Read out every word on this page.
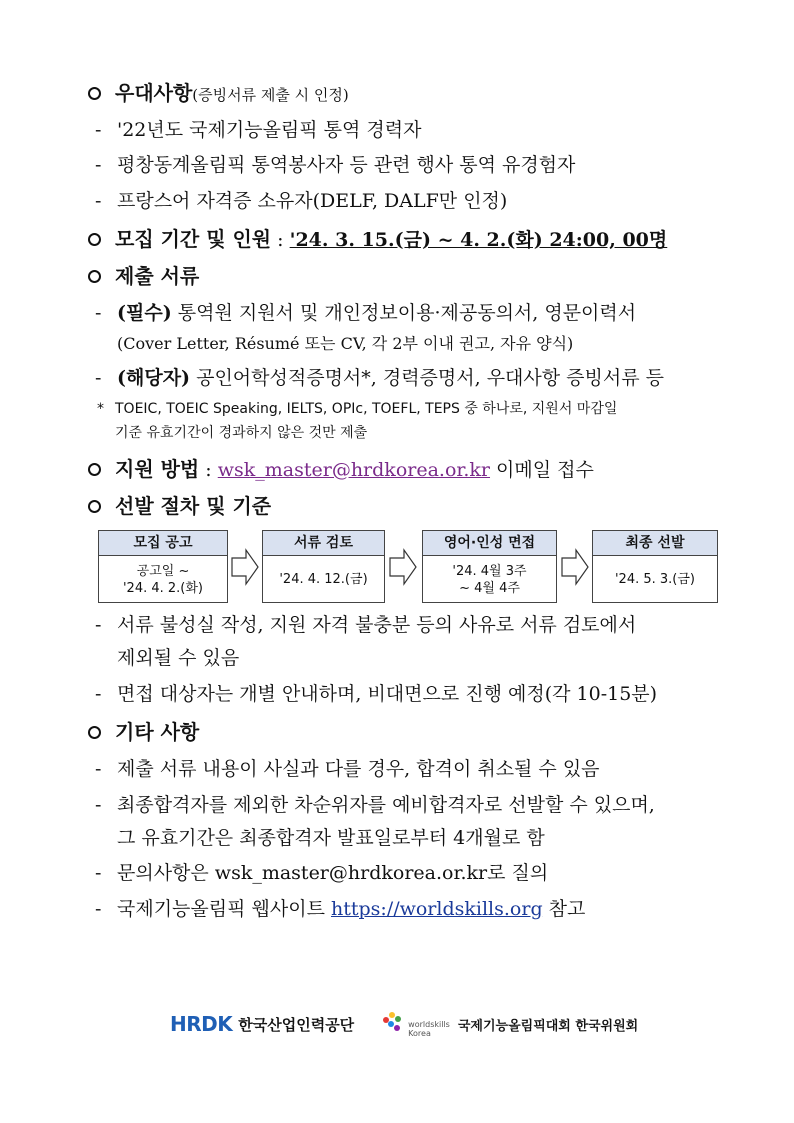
우대사항(증빙서류 제출 시 인정)
- '22년도 국제기능올림픽 통역 경력자
- 평창동계올림픽 통역봉사자 등 관련 행사 통역 유경험자
- 프랑스어 자격증 소유자(DELF, DALF만 인정)
모집 기간 및 인원 : '24. 3. 15.(금) ~ 4. 2.(화) 24:00, 00명
제출 서류
- (필수) 통역원 지원서 및 개인정보이용·제공동의서, 영문이력서
(Cover Letter, Résumé 또는 CV, 각 2부 이내 권고, 자유 양식)
- (해당자) 공인어학성적증명서*, 경력증명서, 우대사항 증빙서류 등
* TOEIC, TOEIC Speaking, IELTS, OPIc, TOEFL, TEPS 중 하나로, 지원서 마감일
기준 유효기간이 경과하지 않은 것만 제출
지원 방법 : wsk_master@hrdkorea.or.kr 이메일 접수
선발 절차 및 기준
모집 공고
공고일 ~
'24. 4. 2.(화)
서류 검토
'24. 4. 12.(금)
영어·인성 면접
'24. 4월 3주
~ 4월 4주
최종 선발
'24. 5. 3.(금)
- 서류 불성실 작성, 지원 자격 불충분 등의 사유로 서류 검토에서
제외될 수 있음
- 면접 대상자는 개별 안내하며, 비대면으로 진행 예정(각 10-15분)
기타 사항
- 제출 서류 내용이 사실과 다를 경우, 합격이 취소될 수 있음
- 최종합격자를 제외한 차순위자를 예비합격자로 선발할 수 있으며,
그 유효기간은 최종합격자 발표일로부터 4개월로 함
- 문의사항은 wsk_master@hrdkorea.or.kr로 질의
- 국제기능올림픽 웹사이트 https://worldskills.org 참고
HRDK 한국산업인력공단	worldskills
Korea	국제기능올림픽대회 한국위원회
